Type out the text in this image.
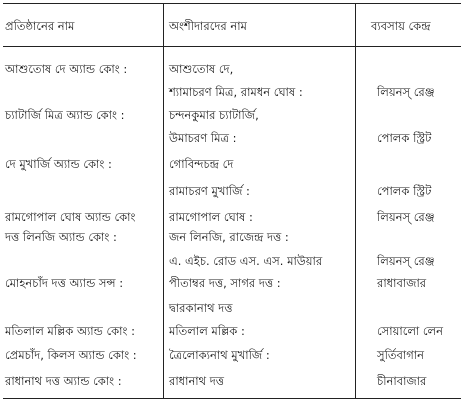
প্রতিষ্ঠানের নাম	অংশীদারদের নাম	ব্যবসায় কেন্দ্র
আশুতোষ দে অ্যান্ড কোং :
চ্যাটার্জি মিত্র অ্যান্ড কোং :
দে মুখার্জি অ্যান্ড কোং :
রামগোপাল ঘোষ অ্যান্ড কোং
দত্ত লিনজি অ্যান্ড কোং :
মোহনচাঁদ দত্ত অ্যান্ড সন্স :
মতিলাল মল্লিক অ্যান্ড কোং :
প্রেমচাঁদ, কিলস অ্যান্ড কোং :
রাধানাথ দত্ত অ্যান্ড কোং :
আশুতোষ দে,
শ্যামাচরণ মিত্র, রামধন ঘোষ :
চন্দনকুমার চ্যাটার্জি,
উমাচরণ মিত্র :
গোবিন্দচন্দ্র দে
রামাচরণ মুখার্জি :
রামগোপাল ঘোষ :
জন লিনজি, রাজেন্দ্র দত্ত :
এ. এইচ. রোড এস. এস. মাউয়ার
পীতাম্বর দত্ত, সাগর দত্ত :
দ্বারকানাথ দত্ত
মতিলাল মল্লিক :
ত্রৈলোক্যনাথ মুখার্জি :
রাধানাথ দত্ত
লিয়নস্ রেঞ্জ
পোলক স্ট্রিট
পোলক স্ট্রিট
লিয়নস্ রেঞ্জ
লিয়নস্ রেঞ্জ
রাধাবাজার
সোয়ালো লেন
সুর্তিবাগান
চীনাবাজার
